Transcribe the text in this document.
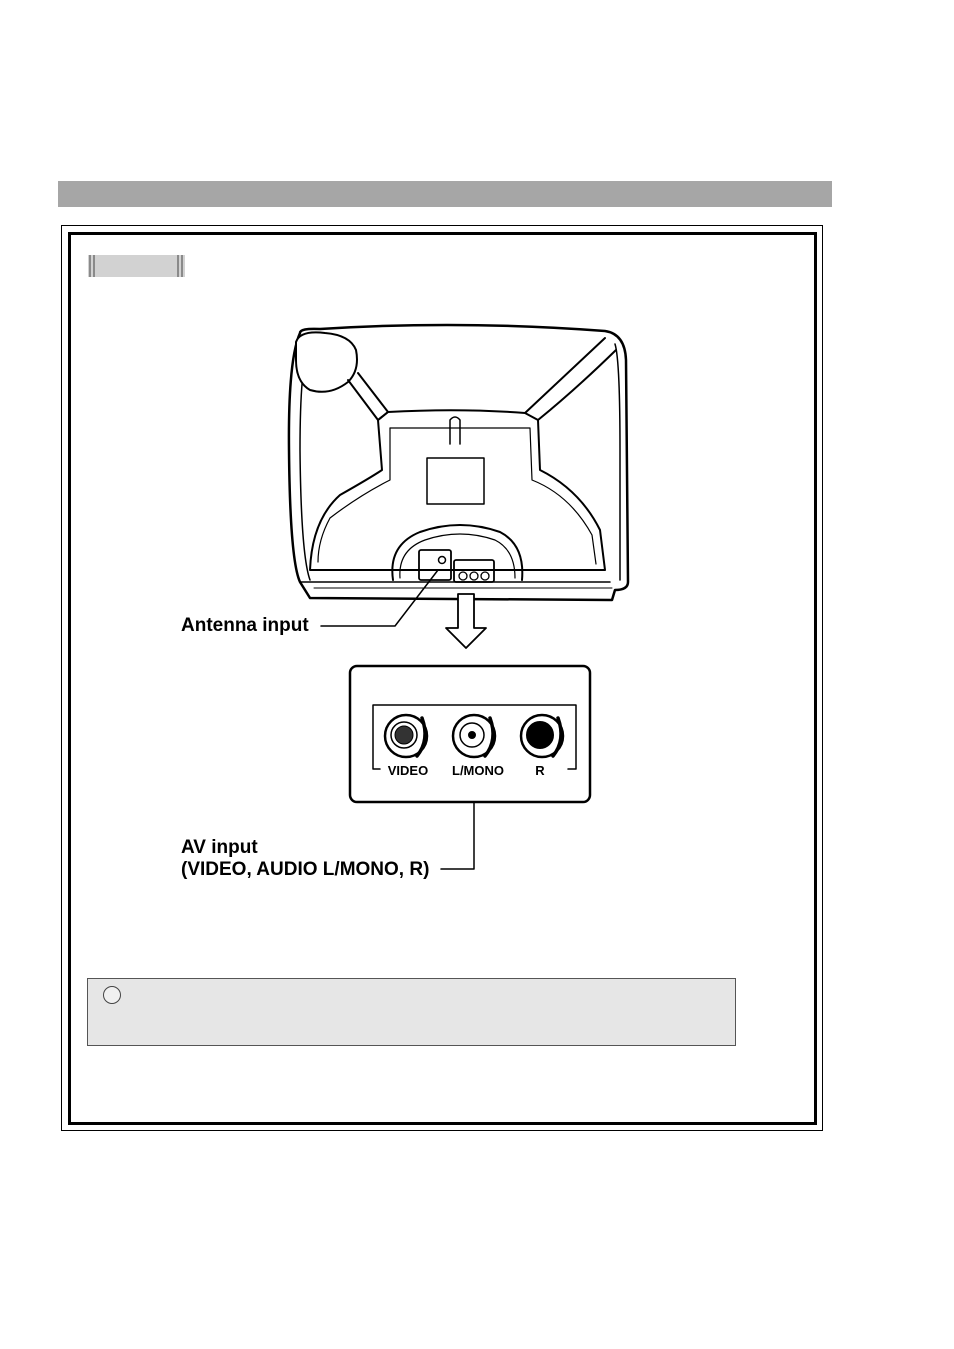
Antenna input
VIDEO	L/MONO	R
AV input
(VIDEO, AUDIO L/MONO, R)
